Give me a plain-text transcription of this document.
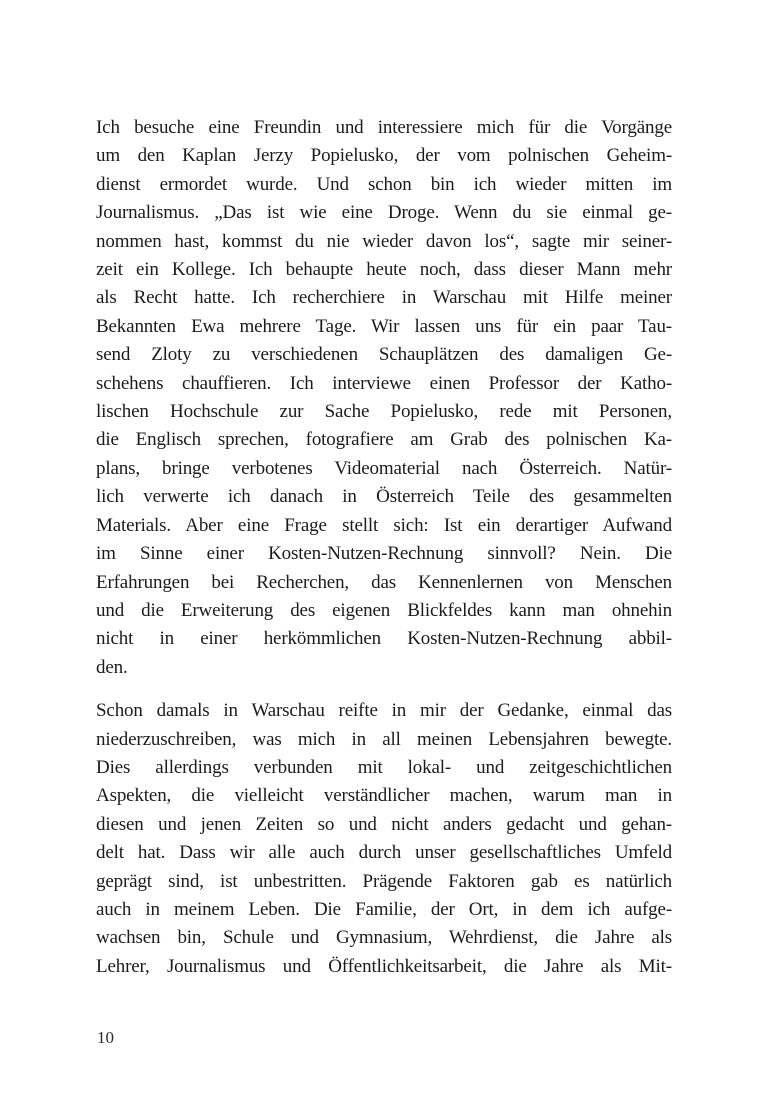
Ich besuche eine Freundin und interessiere mich für die Vorgänge
um den Kaplan Jerzy Popielusko, der vom polnischen Geheim-
dienst ermordet wurde. Und schon bin ich wieder mitten im
Journalismus. „Das ist wie eine Droge. Wenn du sie einmal ge-
nommen hast, kommst du nie wieder davon los“, sagte mir seiner-
zeit ein Kollege. Ich behaupte heute noch, dass dieser Mann mehr
als Recht hatte. Ich recherchiere in Warschau mit Hilfe meiner
Bekannten Ewa mehrere Tage. Wir lassen uns für ein paar Tau-
send Zloty zu verschiedenen Schauplätzen des damaligen Ge-
schehens chauffieren. Ich interviewe einen Professor der Katho-
lischen Hochschule zur Sache Popielusko, rede mit Personen,
die Englisch sprechen, fotografiere am Grab des polnischen Ka-
plans, bringe verbotenes Videomaterial nach Österreich. Natür-
lich verwerte ich danach in Österreich Teile des gesammelten
Materials. Aber eine Frage stellt sich: Ist ein derartiger Aufwand
im Sinne einer Kosten-Nutzen-Rechnung sinnvoll? Nein. Die
Erfahrungen bei Recherchen, das Kennenlernen von Menschen
und die Erweiterung des eigenen Blickfeldes kann man ohnehin
nicht in einer herkömmlichen Kosten-Nutzen-Rechnung abbil-
den.
Schon damals in Warschau reifte in mir der Gedanke, einmal das
niederzuschreiben, was mich in all meinen Lebensjahren bewegte.
Dies allerdings verbunden mit lokal- und zeitgeschichtlichen
Aspekten, die vielleicht verständlicher machen, warum man in
diesen und jenen Zeiten so und nicht anders gedacht und gehan-
delt hat. Dass wir alle auch durch unser gesellschaftliches Umfeld
geprägt sind, ist unbestritten. Prägende Faktoren gab es natürlich
auch in meinem Leben. Die Familie, der Ort, in dem ich aufge-
wachsen bin, Schule und Gymnasium, Wehrdienst, die Jahre als
Lehrer, Journalismus und Öffentlichkeitsarbeit, die Jahre als Mit-
10
